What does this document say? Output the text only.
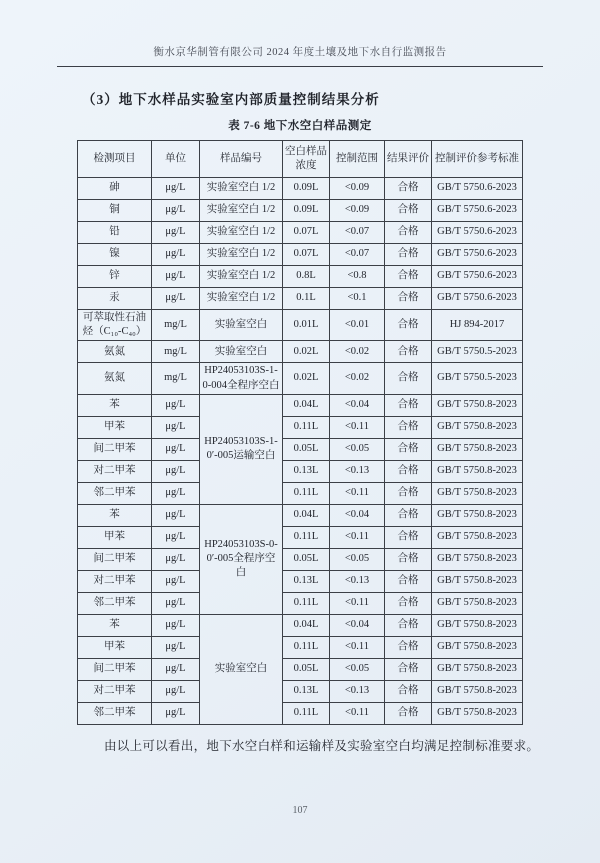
衡水京华制管有限公司 2024 年度土壤及地下水自行监测报告
（3）地下水样品实验室内部质量控制结果分析
表 7-6 地下水空白样品测定
检测项目	单位	样品编号	空白样品浓度	控制范围	结果评价	控制评价参考标准
砷	μg/L	实验室空白 1/2	0.09L	<0.09	合格	GB/T 5750.6-2023
铜	μg/L	实验室空白 1/2	0.09L	<0.09	合格	GB/T 5750.6-2023
铅	μg/L	实验室空白 1/2	0.07L	<0.07	合格	GB/T 5750.6-2023
镍	μg/L	实验室空白 1/2	0.07L	<0.07	合格	GB/T 5750.6-2023
锌	μg/L	实验室空白 1/2	0.8L	<0.8	合格	GB/T 5750.6-2023
汞	μg/L	实验室空白 1/2	0.1L	<0.1	合格	GB/T 5750.6-2023
可萃取性石油烃（C₁₀-C₄₀）	mg/L	实验室空白	0.01L	<0.01	合格	HJ 894-2017
氨氮	mg/L	实验室空白	0.02L	<0.02	合格	GB/T 5750.5-2023
氨氮	mg/L	HP24053103S-1-0-004全程序空白	0.02L	<0.02	合格	GB/T 5750.5-2023
苯	μg/L	HP24053103S-1-0′-005运输空白	0.04L	<0.04	合格	GB/T 5750.8-2023
甲苯	μg/L		0.11L	<0.11	合格	GB/T 5750.8-2023
间二甲苯	μg/L		0.05L	<0.05	合格	GB/T 5750.8-2023
对二甲苯	μg/L		0.13L	<0.13	合格	GB/T 5750.8-2023
邻二甲苯	μg/L		0.11L	<0.11	合格	GB/T 5750.8-2023
苯	μg/L	HP24053103S-0-0′-005全程序空白	0.04L	<0.04	合格	GB/T 5750.8-2023
甲苯	μg/L		0.11L	<0.11	合格	GB/T 5750.8-2023
间二甲苯	μg/L		0.05L	<0.05	合格	GB/T 5750.8-2023
对二甲苯	μg/L		0.13L	<0.13	合格	GB/T 5750.8-2023
邻二甲苯	μg/L		0.11L	<0.11	合格	GB/T 5750.8-2023
苯	μg/L	实验室空白	0.04L	<0.04	合格	GB/T 5750.8-2023
甲苯	μg/L		0.11L	<0.11	合格	GB/T 5750.8-2023
间二甲苯	μg/L		0.05L	<0.05	合格	GB/T 5750.8-2023
对二甲苯	μg/L		0.13L	<0.13	合格	GB/T 5750.8-2023
邻二甲苯	μg/L		0.11L	<0.11	合格	GB/T 5750.8-2023
由以上可以看出，地下水空白样和运输样及实验室空白均满足控制标准要求。
107
